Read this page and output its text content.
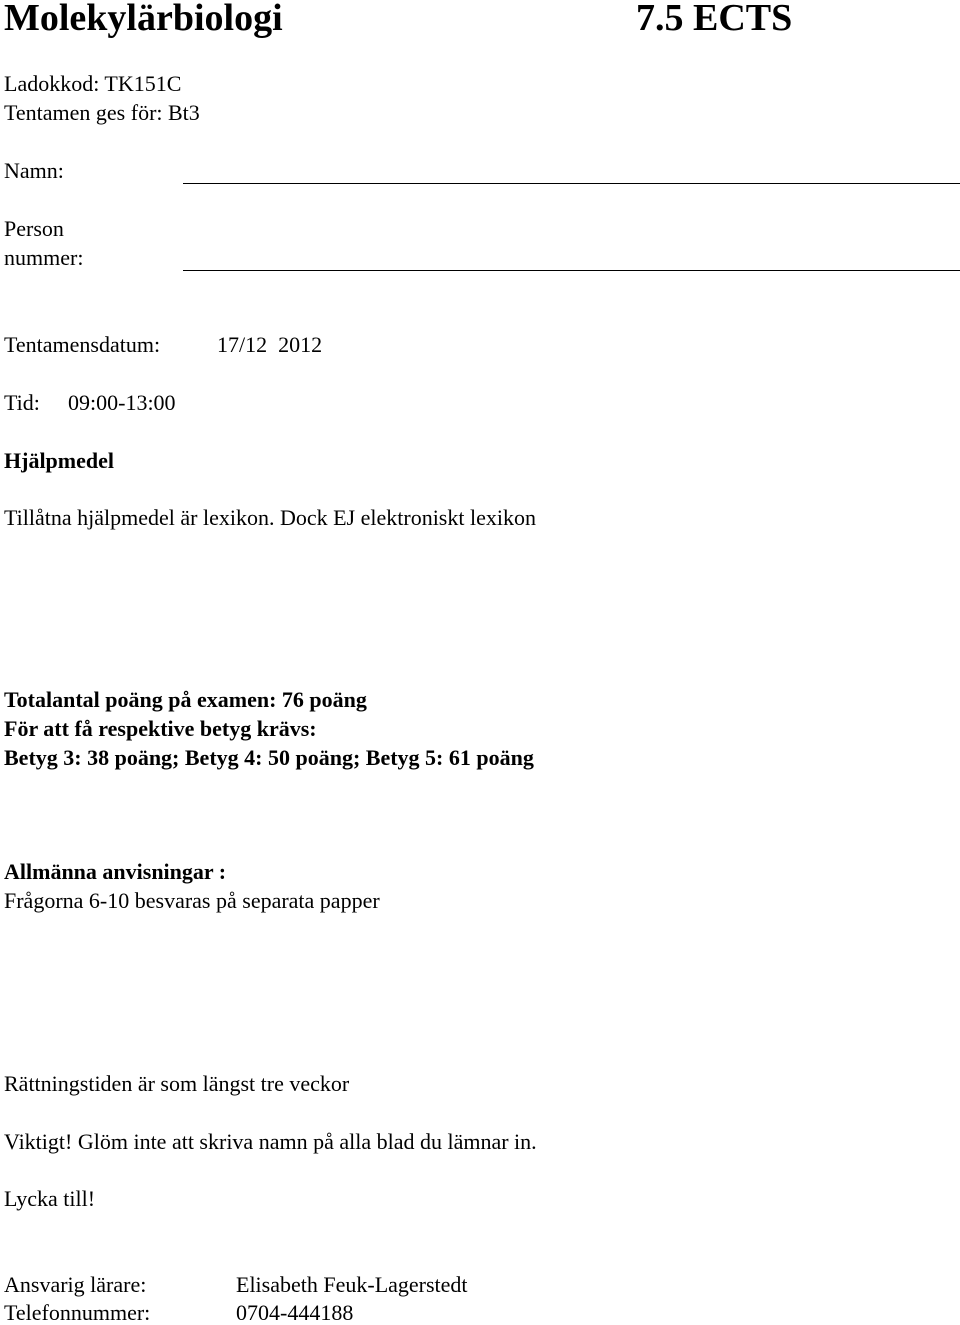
Molekylärbiologi	7.5 ECTS
Ladokkod: TK151C
Tentamen ges för: Bt3
Namn:
Person
nummer:
Tentamensdatum:	17/12  2012
Tid: 09:00-13:00
Hjälpmedel
Tillåtna hjälpmedel är lexikon. Dock EJ elektroniskt lexikon
Totalantal poäng på examen: 76 poäng
För att få respektive betyg krävs:
Betyg 3: 38 poäng; Betyg 4: 50 poäng; Betyg 5: 61 poäng
Allmänna anvisningar :
Frågorna 6-10 besvaras på separata papper
Rättningstiden är som längst tre veckor
Viktigt! Glöm inte att skriva namn på alla blad du lämnar in.
Lycka till!
Ansvarig lärare:	Elisabeth Feuk-Lagerstedt
Telefonnummer:	0704-444188
